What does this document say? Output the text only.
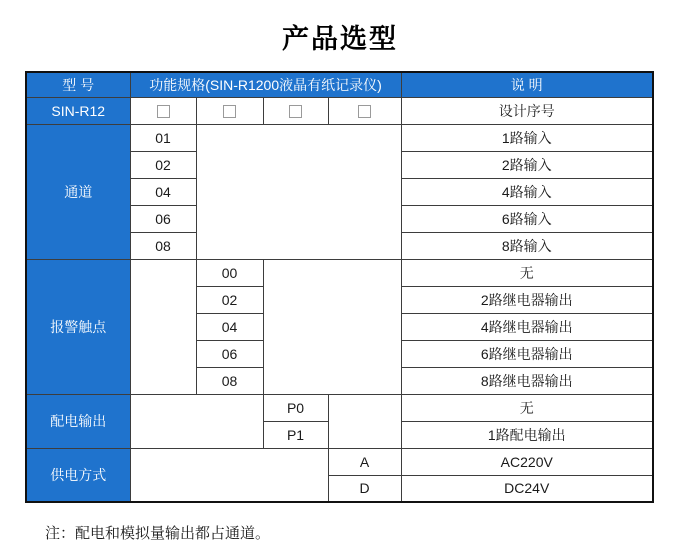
产品选型
型 号	功能规格(SIN-R1200液晶有纸记录仪)				说 明
SIN-R12					设计序号
通道	01				1路输入
	02				2路输入
	04				4路输入
	06				6路输入
	08				8路输入
报警触点		00			无
		02			2路继电器输出
		04			4路继电器输出
		06			6路继电器输出
		08			8路继电器输出
配电输出			P0		无
			P1		1路配电输出
供电方式				A	AC220V
				D	DC24V
注：配电和模拟量输出都占通道。
